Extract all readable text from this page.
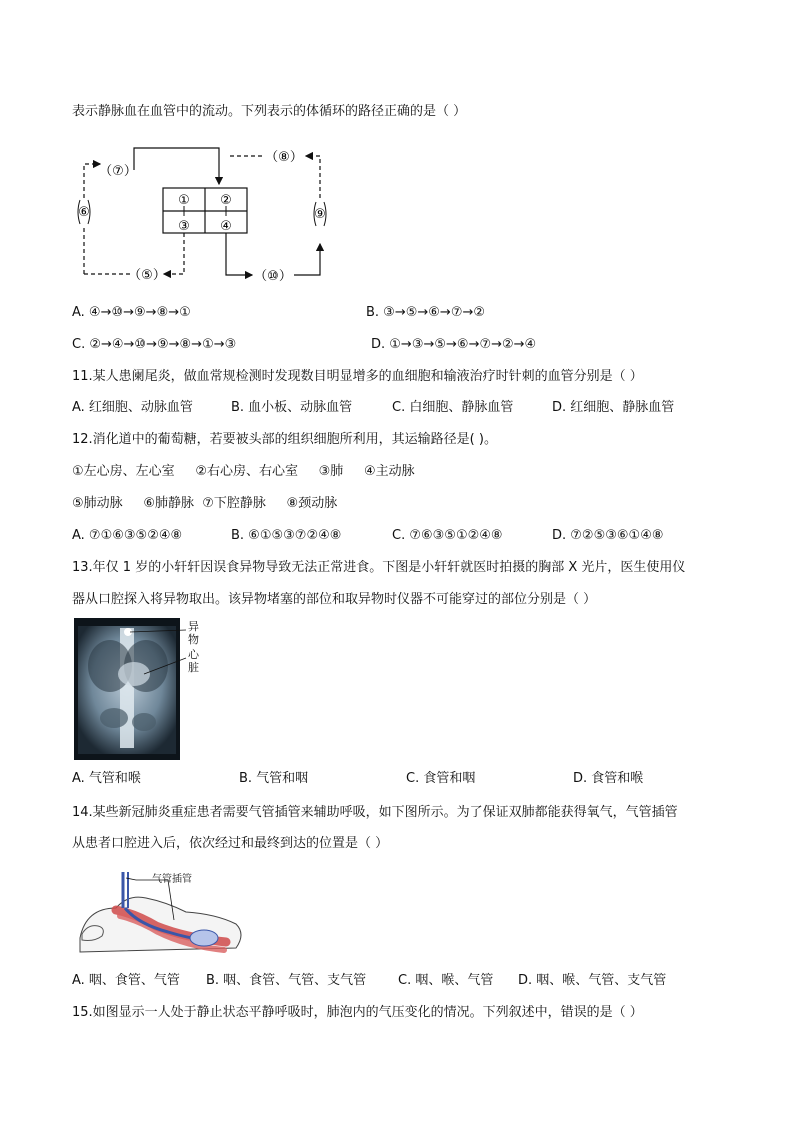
表示静脉血在血管中的流动。下列表示的体循环的路径正确的是（ ）
① ②
③ ④
（⑦）
⑥
（⑤）	（⑩）
⑨
（⑧）
A. ④→⑩→⑨→⑧→①	B. ③→⑤→⑥→⑦→②
C. ②→④→⑩→⑨→⑧→①→③	D. ①→③→⑤→⑥→⑦→②→④
11.某人患阑尾炎，做血常规检测时发现数目明显增多的血细胞和输液治疗时针刺的血管分别是（ ）
A. 红细胞、动脉血管	B. 血小板、动脉血管	C. 白细胞、静脉血管	D. 红细胞、静脉血管
12.消化道中的葡萄糖，若要被头部的组织细胞所利用，其运输路径是( )。
①左心房、左心室     ②右心房、右心室     ③肺     ④主动脉
⑤肺动脉     ⑥肺静脉  ⑦下腔静脉     ⑧颈动脉
A. ⑦①⑥③⑤②④⑧	B. ⑥①⑤③⑦②④⑧	C. ⑦⑥③⑤①②④⑧	D. ⑦②⑤③⑥①④⑧
13.年仅 1 岁的小轩轩因误食异物导致无法正常进食。下图是小轩轩就医时拍摄的胸部 X 光片，医生使用仪
器从口腔探入将异物取出。该异物堵塞的部位和取异物时仪器不可能穿过的部位分别是（ ）
异物
心脏
A. 气管和喉	B. 气管和咽	C. 食管和咽	D. 食管和喉
14.某些新冠肺炎重症患者需要气管插管来辅助呼吸，如下图所示。为了保证双肺都能获得氧气，气管插管
从患者口腔进入后，依次经过和最终到达的位置是（ ）
气管插管
A. 咽、食管、气管 B. 咽、食管、气管、支气管 C. 咽、喉、气管 D. 咽、喉、气管、支气管
15.如图显示一人处于静止状态平静呼吸时，肺泡内的气压变化的情况。下列叙述中，错误的是（ ）
